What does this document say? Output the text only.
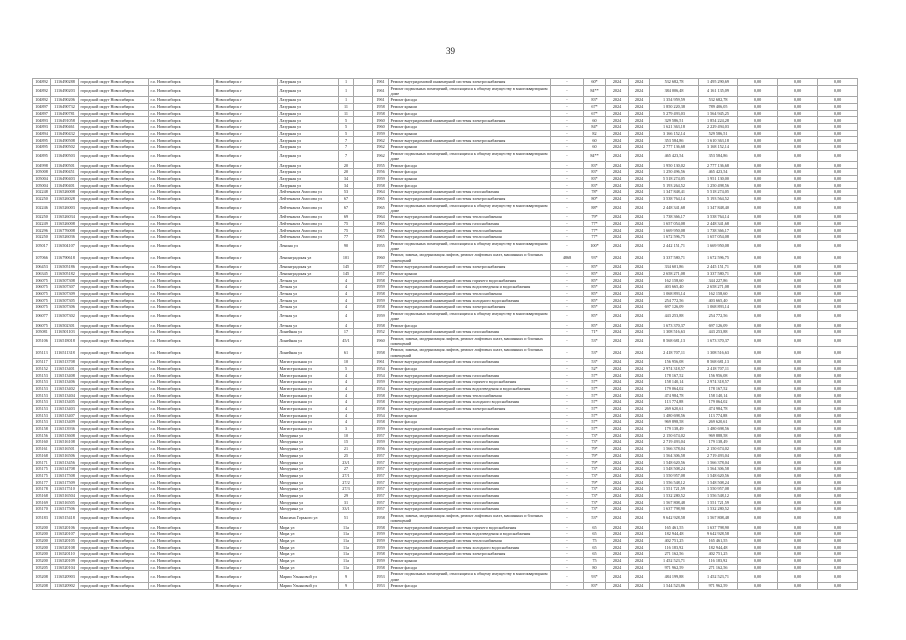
39
104892	1116490288	городской округ Новосибирск	г.о. Новосибирск	Новосибирск г	Лазурная ул	1		1961	Ремонт внутридомовой инженерной системы электроснабжения	-	60*	2024	2024	532 682,78	1 495 290,69	0,00	0,00	0,00
104892	1116490203	городской округ Новосибирск	г.о. Новосибирск	Новосибирск г	Лазурная ул	1		1961	Ремонт подвальных помещений, относящихся к общему имуществу в многоквартирном доме	-	84**	2024	2024	384 006,48	4 161 135,09	0,00	0,00	0,00
104892	1116490206	городской округ Новосибирск	г.о. Новосибирск	Новосибирск г	Лазурная ул	1		1961	Ремонт фасада	-	83*	2024	2024	1 354 959,59	532 682,78	0,00	0,00	0,00
104897	1116490732	городской округ Новосибирск	г.о. Новосибирск	Новосибирск г	Лазурная ул	11		1958	Ремонт крыши	-	67*	2024	2024	1 850 220,38	789 406,05	0,00	0,00	0,00
104897	1116490781	городской округ Новосибирск	г.о. Новосибирск	Новосибирск г	Лазурная ул	11		1958	Ремонт фасада	-	67*	2024	2024	5 279 493,03	1 564 945,25	0,00	0,00	0,00
104893	1116491058	городской округ Новосибирск	г.о. Новосибирск	Новосибирск г	Лазурная ул	5		1960	Ремонт внутридомовой инженерной системы электроснабжения	-	60	2024	2024	329 586,51	1 854 224,28	0,00	0,00	0,00
104893	1116490461	городской округ Новосибирск	г.о. Новосибирск	Новосибирск г	Лазурная ул	5		1960	Ремонт фасада	-	84*	2024	2024	1 621 363,18	2 229 494,03	0,00	0,00	0,00
104894	1116490432	городской округ Новосибирск	г.о. Новосибирск	Новосибирск г	Лазурная ул	5		1959	Ремонт крыши	-	82	2024	2024	3 166 152,14	529 586,51	0,00	0,00	0,00
104895	1116490508	городской округ Новосибирск	г.о. Новосибирск	Новосибирск г	Лазурная ул	7		1962	Ремонт внутридомовой инженерной системы электроснабжения	-	60	2024	2024	353 584,86	1 610 363,18	0,00	0,00	0,00
104895	1116490502	городской округ Новосибирск	г.о. Новосибирск	Новосибирск г	Лазурная ул	7		1962	Ремонт крыши	-	60	2024	2024	2 777 136,68	3 168 152,14	0,00	0,00	0,00
104895	1116490503	городской округ Новосибирск	г.о. Новосибирск	Новосибирск г	Лазурная ул	7		1962	Ремонт подвальных помещений, относящихся к общему имуществу в многоквартирном доме	-	84**	2024	2024	465 423,54	353 584,86	0,00	0,00	0,00
104998	1116490501	городской округ Новосибирск	г.о. Новосибирск	Новосибирск г	Лазурная ул	20		1955	Ремонт фасада	-	83*	2024	2024	1 950 130,02	2 777 136,68	0,00	0,00	0,00
105008	1116490451	городской округ Новосибирск	г.о. Новосибирск	Новосибирск г	Лазурная ул	20		1956	Ремонт фасада	-	83*	2024	2024	1 250 496,56	465 423,54	0,00	0,00	0,00
105004	1116490403	городской округ Новосибирск	г.о. Новосибирск	Новосибирск г	Лазурная ул	34		1959	Ремонт крыши	-	83*	2024	2024	5 518 274,05	1 951 130,00	0,00	0,00	0,00
105004	1116490401	городской округ Новосибирск	г.о. Новосибирск	Новосибирск г	Лазурная ул	34		1958	Ремонт фасада	-	83*	2024	2024	5 193 264,52	1 250 498,56	0,00	0,00	0,00
102248	1116526008	городской округ Новосибирск	г.о. Новосибирск	Новосибирск г	Лейтенанта Амосова ул	53		1964	Ремонт внутридомовой инженерной системы газоснабжения	-	78*	2024	2024	1 347 848,41	5 518 274,05	0,00	0,00	0,00
102250	1116526028	городской округ Новосибирск	г.о. Новосибирск	Новосибирск г	Лейтенанта Амосова ул	67		1965	Ремонт внутридомовой инженерной системы электроснабжения	-	80*	2024	2024	3 538 764,14	5 193 564,52	0,00	0,00	0,00
102246	1116526003	городской округ Новосибирск	г.о. Новосибирск	Новосибирск г	Лейтенанта Амосова ул	67		1965	Ремонт подвальных помещений, относящихся к общему имуществу в многоквартирном доме	-	88*	2024	2024	2 448 341,68	1 347 848,40	0,00	0,00	0,00
102250	1116526034	городской округ Новосибирск	г.о. Новосибирск	Новосибирск г	Лейтенанта Амосова ул	69		1964	Ремонт внутридомовой инженерной системы теплоснабжения	-	79*	2024	2024	1 738 366,17	3 538 764,14	0,00	0,00	0,00
102249	1116526008	городской округ Новосибирск	г.о. Новосибирск	Новосибирск г	Лейтенанта Амосова ул	75		1965	Ремонт внутридомовой инженерной системы газоснабжения	-	77*	2024	2024	1 657 054,08	2 448 341,68	0,00	0,00	0,00
102296	1116776008	городской округ Новосибирск	г.о. Новосибирск	Новосибирск г	Лейтенанта Амосова ул	75		1965	Ремонт внутридомовой инженерной системы теплоснабжения	-	77*	2024	2024	1 669 950,08	1 738 366,17	0,00	0,00	0,00
102250	1116526036	городской округ Новосибирск	г.о. Новосибирск	Новосибирск г	Лейтенанта Амосова ул	77		1965	Ремонт внутридомовой инженерной системы теплоснабжения	-	77*	2024	2024	1 672 596,75	1 657 054,08	0,00	0,00	0,00
105017	1116504107	городской округ Новосибирск	г.о. Новосибирск	Новосибирск г	Ленина ул	90		1955	Ремонт подвальных помещений, относящихся к общему имуществу в многоквартирном доме	-	100*	2024	2024	2 442 151,71	1 669 950,08	0,00	0,00	0,00
107066	1116790618	городской округ Новосибирск	г.о. Новосибирск	Новосибирск г	Ленинградская ул	101		1960	Ремонт, замена, модернизация лифтов, ремонт лифтовых шахт, машинных и блочных помещений	4868	93*	2024	2024	3 337 580,71	1 672 596,75	0,00	0,00	0,00
106453	1116505186	городской округ Новосибирск	г.о. Новосибирск	Новосибирск г	Ленинградская ул	145		1957	Ремонт внутридомовой инженерной системы электроснабжения	-	85*	2024	2024	334 601,86	2 445 151,71	0,00	0,00	0,00
106345	1116505182	городской округ Новосибирск	г.о. Новосибирск	Новосибирск г	Ленинградская ул	145		1957	Ремонт крыши	-	85*	2024	2024	2 658 271,08	3 337 580,71	0,00	0,00	0,00
106075	1116507308	городской округ Новосибирск	г.о. Новосибирск	Новосибирск г	Летная ул	4		1958	Ремонт внутридомовой инженерной системы горячего водоснабжения	-	85*	2024	2024	162 158,60	344 227,86	0,00	0,00	0,00
106075	1116507307	городской округ Новосибирск	г.о. Новосибирск	Новосибирск г	Летная ул	4		1959	Ремонт внутридомовой инженерной системы водоотведения и водоснабжения	-	85*	2024	2024	403 665,40	2 658 271,08	0,00	0,00	0,00
106075	1116507309	городской округ Новосибирск	г.о. Новосибирск	Новосибирск г	Летная ул	4		1958	Ремонт внутридомовой инженерной системы теплоснабжения	-	85*	2024	2024	1 068 893,14	162 158,60	0,00	0,00	0,00
106075	1116507305	городской округ Новосибирск	г.о. Новосибирск	Новосибирск г	Летная ул	4		1959	Ремонт внутридомовой инженерной системы холодного водоснабжения	-	85*	2024	2024	254 772,56	403 665,40	0,00	0,00	0,00
106075	1116507306	городской округ Новосибирск	г.о. Новосибирск	Новосибирск г	Летная ул	4		1958	Ремонт внутридомовой инженерной системы электроснабжения	-	85*	2024	2024	697 126,09	1 068 893,14	0,00	0,00	0,00
106077	1116507302	городской округ Новосибирск	г.о. Новосибирск	Новосибирск г	Летная ул	4		1959	Ремонт подвальных помещений, относящихся к общему имуществу в многоквартирном доме	-	85*	2024	2024	443 253,88	254 772,56	0,00	0,00	0,00
106075	1116502301	городской округ Новосибирск	г.о. Новосибирск	Новосибирск г	Летная ул	4		1958	Ремонт фасада	-	85*	2024	2024	1 673 370,37	697 126,09	0,00	0,00	0,00
105081	1116501103	городской округ Новосибирск	г.о. Новосибирск	Новосибирск г	Линейная ул	17		1952	Ремонт внутридомовой инженерной системы газоснабжения	-	71*	2024	2024	1 308 516,63	443 253,88	0,00	0,00	0,00
105106	1116518018	городской округ Новосибирск	г.о. Новосибирск	Новосибирск г	Линейная ул	45/1		1960	Ремонт, замена, модернизация лифтов, ремонт лифтовых шахт, машинных и блочных помещений	-	53*	2024	2024	8 568 681,13	1 673 370,37	0,00	0,00	0,00
105113	1116511318	городской округ Новосибирск	г.о. Новосибирск	Новосибирск г	Линейная ул	61		1958	Ремонт, замена, модернизация лифтов, ремонт лифтовых шахт, машинных и блочных помещений	-	53*	2024	2024	2 418 707,11	1 308 516,63	0,00	0,00	0,00
105117	1116513708	городской округ Новосибирск	г.о. Новосибирск	Новосибирск г	Магистральная ул	10		1961	Ремонт внутридомовой инженерной системы газоснабжения	-	53*	2024	2024	156 956,08	8 568 681,13	0,00	0,00	0,00
105152	1116513401	городской округ Новосибирск	г.о. Новосибирск	Новосибирск г	Магистральная ул	5		1954	Ремонт фасада	-	52*	2024	2024	2 974 318,57	2 418 707,11	0,00	0,00	0,00
105153	1116513408	городской округ Новосибирск	г.о. Новосибирск	Новосибирск г	Магистральная ул	4		1954	Ремонт внутридомовой инженерной системы газоснабжения	-	57*	2024	2024	178 167,52	156 956,08	0,00	0,00	0,00
105153	1116513406	городской округ Новосибирск	г.о. Новосибирск	Новосибирск г	Магистральная ул	4		1959	Ремонт внутридомовой инженерной системы горячего водоснабжения	-	57*	2024	2024	158 140,14	2 974 318,57	0,00	0,00	0,00
105153	1116513402	городской округ Новосибирск	г.о. Новосибирск	Новосибирск г	Магистральная ул	4		1954	Ремонт внутридомовой инженерной системы водоотведения и водоснабжения	-	57*	2024	2024	179 064,02	178 167,52	0,00	0,00	0,00
105153	1116513404	городской округ Новосибирск	г.о. Новосибирск	Новосибирск г	Магистральная ул	4		1958	Ремонт внутридомовой инженерной системы теплоснабжения	-	57*	2024	2024	474 984,78	158 140,14	0,00	0,00	0,00
105153	1116513405	городской округ Новосибирск	г.о. Новосибирск	Новосибирск г	Магистральная ул	4		1958	Ремонт внутридомовой инженерной системы холодного водоснабжения	-	57*	2024	2024	113 774,88	179 064,02	0,00	0,00	0,00
105153	1116513403	городской округ Новосибирск	г.о. Новосибирск	Новосибирск г	Магистральная ул	4		1958	Ремонт внутридомовой инженерной системы электроснабжения	-	57*	2024	2024	269 620,61	474 984,78	0,00	0,00	0,00
105153	1116513407	городской округ Новосибирск	г.о. Новосибирск	Новосибирск г	Магистральная ул	4		1954	Ремонт крыши	-	57*	2024	2024	1 480 698,56	113 774,88	0,00	0,00	0,00
105153	1116513409	городской округ Новосибирск	г.о. Новосибирск	Новосибирск г	Магистральная ул	4		1958	Ремонт фасада	-	57*	2024	2024	969 898,58	269 620,61	0,00	0,00	0,00
105158	1116513936	городской округ Новосибирск	г.о. Новосибирск	Новосибирск г	Магистральная ул	3		1959	Ремонт внутридомовой инженерной системы газоснабжения	-	57*	2024	2024	179 138,49	1 480 698,56	0,00	0,00	0,00
105156	1116513608	городской округ Новосибирск	г.о. Новосибирск	Новосибирск г	Мичурина ул	10		1957	Ремонт внутридомовой инженерной системы газоснабжения	-	73*	2024	2024	2 150 674,02	969 888,58	0,00	0,00	0,00
105160	1116516108	городской округ Новосибирск	г.о. Новосибирск	Новосибирск г	Мичурина ул	15		1959	Ремонт внутридомовой инженерной системы газоснабжения	-	73*	2024	2024	2 719 493,04	179 138,49	0,00	0,00	0,00
105161	1116516501	городской округ Новосибирск	г.о. Новосибирск	Новосибирск г	Мичурина ул	21		1956	Ремонт внутридомовой инженерной системы газоснабжения	-	79*	2024	2024	1 566 378,04	2 150 674,02	0,00	0,00	0,00
105168	1116516506	городской округ Новосибирск	г.о. Новосибирск	Новосибирск г	Мичурина ул	25		1957	Ремонт внутридомовой инженерной системы газоснабжения	-	79*	2024	2024	1 564 306,58	2 719 493,04	0,00	0,00	0,00
105171	1116513456	городской округ Новосибирск	г.о. Новосибирск	Новосибирск г	Мичурина ул	23/1		1957	Ремонт внутридомовой инженерной системы газоснабжения	-	79*	2024	2024	1 548 620,56	1 566 378,04	0,00	0,00	0,00
105175	1116514708	городской округ Новосибирск	г.о. Новосибирск	Новосибирск г	Мичурина ул	27		1957	Ремонт внутридомовой инженерной системы газоснабжения	-	73*	2024	2024	1 548 508,24	1 564 306,58	0,00	0,00	0,00
105175	1116517508	городской округ Новосибирск	г.о. Новосибирск	Новосибирск г	Мичурина ул	27/1		1957	Ремонт внутридомовой инженерной системы газоснабжения	-	73*	2024	2024	1 550 957,08	1 548 620,56	0,00	0,00	0,00
105177	1116517509	городской округ Новосибирск	г.о. Новосибирск	Новосибирск г	Мичурина ул	27/2		1957	Ремонт внутридомовой инженерной системы газоснабжения	-	79*	2024	2024	1 556 548,12	1 548 508,24	0,00	0,00	0,00
105178	1116517510	городской округ Новосибирск	г.о. Новосибирск	Новосибирск г	Мичурина ул	27/3		1957	Ремонт внутридомовой инженерной системы газоснабжения	-	73*	2024	2024	1 551 721,59	1 550 957,08	0,00	0,00	0,00
105168	1116516504	городской округ Новосибирск	г.о. Новосибирск	Новосибирск г	Мичурина ул	29		1957	Ремонт внутридомовой инженерной системы газоснабжения	-	73*	2024	2024	1 532 280,52	1 556 548,12	0,00	0,00	0,00
105169	1116516505	городской округ Новосибирск	г.о. Новосибирск	Новосибирск г	Мичурина ул	31		1957	Ремонт внутридомовой инженерной системы газоснабжения	-	73*	2024	2024	1 567 808,48	1 551 721,59	0,00	0,00	0,00
105170	1116517506	городской округ Новосибирск	г.о. Новосибирск	Новосибирск г	Мичурина ул	33/1		1957	Ремонт внутридомовой инженерной системы газоснабжения	-	73*	2024	2024	1 637 798,90	1 532 280,52	0,00	0,00	0,00
105183	1116515418	городской округ Новосибирск	г.о. Новосибирск	Новосибирск г	Максима Горького ул	51		1958	Ремонт, замена, модернизация лифтов, ремонт лифтовых шахт, машинных и блочных помещений	-	53*	2024	2024	9 642 928,58	1 567 808,48	0,00	0,00	0,00
105200	1116520106	городской округ Новосибирск	г.о. Новосибирск	Новосибирск г	Мира ул	11а		1958	Ремонт внутридомовой инженерной системы горячего водоснабжения	-	65	2024	2024	165 461,55	1 637 798,90	0,00	0,00	0,00
105200	1116520107	городской округ Новосибирск	г.о. Новосибирск	Новосибирск г	Мира ул	11а		1959	Ремонт внутридомовой инженерной системы водоотведения и водоснабжения	-	65	2024	2024	182 944,48	9 642 928,58	0,00	0,00	0,00
105200	1116520105	городской округ Новосибирск	г.о. Новосибирск	Новосибирск г	Мира ул	11а		1959	Ремонт внутридомовой инженерной системы теплоснабжения	-	75	2024	2024	402 751,25	165 461,55	0,00	0,00	0,00
105200	1116520108	городской округ Новосибирск	г.о. Новосибирск	Новосибирск г	Мира ул	11а		1959	Ремонт внутридомовой инженерной системы холодного водоснабжения	-	65	2024	2024	116 183,92	182 944,48	0,00	0,00	0,00
105200	1116520110	городской округ Новосибирск	г.о. Новосибирск	Новосибирск г	Мира ул	11а		1958	Ремонт внутридомовой инженерной системы электроснабжения	-	65	2024	2024	271 162,56	402 751,25	0,00	0,00	0,00
105200	1116520109	городской округ Новосибирск	г.о. Новосибирск	Новосибирск г	Мира ул	11а		1959	Ремонт крыши	-	75	2024	2024	1 452 523,71	116 183,92	0,00	0,00	0,00
105205	1116520104	городской округ Новосибирск	г.о. Новосибирск	Новосибирск г	Мира ул	11а		1958	Ремонт фасада	-	80	2024	2024	971 962,59	271 162,56	0,00	0,00	0,00
105208	1116520903	городской округ Новосибирск	г.о. Новосибирск	Новосибирск г	Марии Ульяновой ул	9		1953	Ремонт подвальных помещений, относящихся к общему имуществу в многоквартирном доме	-	93*	2024	2024	484 199,88	1 452 523,71	0,00	0,00	0,00
105208	1116520902	городской округ Новосибирск	г.о. Новосибирск	Новосибирск г	Марии Ульяновой ул	9		1953	Ремонт фасада	-	83*	2024	2024	1 544 523,86	971 962,59	0,00	0,00	0,00
